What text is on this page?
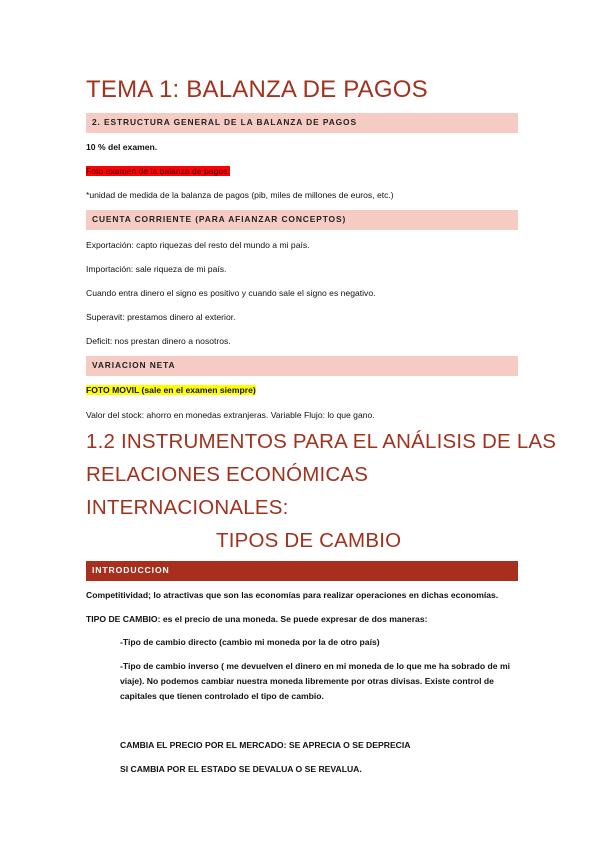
TEMA 1: BALANZA DE PAGOS
2. ESTRUCTURA GENERAL DE LA BALANZA DE PAGOS
10 % del examen.
Foto examen de la balanza de pagos.
*unidad de medida de la balanza de pagos (pib, miles de millones de euros, etc.)
CUENTA CORRIENTE (PARA AFIANZAR CONCEPTOS)
Exportación: capto riquezas del resto del mundo a mi país.
Importación: sale riqueza de mi país.
Cuando entra dinero el signo es positivo y cuando sale el signo es negativo.
Superavit: prestamos dinero al exterior.
Deficit: nos prestan dinero a nosotros.
VARIACION NETA
FOTO MOVIL (sale en el examen siempre)
Valor del stock: ahorro en monedas extranjeras. Variable Flujo: lo que gano.
1.2 INSTRUMENTOS PARA EL ANÁLISIS DE LAS
RELACIONES ECONÓMICAS
INTERNACIONALES:
TIPOS DE CAMBIO
INTRODUCCION
Competitividad; lo atractivas que son las economías para realizar operaciones en dichas economías.
TIPO DE CAMBIO: es el precio de una moneda. Se puede expresar de dos maneras:
-Tipo de cambio directo (cambio mi moneda por la de otro país)
-Tipo de cambio inverso ( me devuelven el dinero en mi moneda de lo que me ha sobrado de mi
viaje). No podemos cambiar nuestra moneda libremente por otras divisas. Existe control de
capitales que tienen controlado el tipo de cambio.
CAMBIA EL PRECIO POR EL MERCADO: SE APRECIA O SE DEPRECIA
SI CAMBIA POR EL ESTADO SE DEVALUA O SE REVALUA.
